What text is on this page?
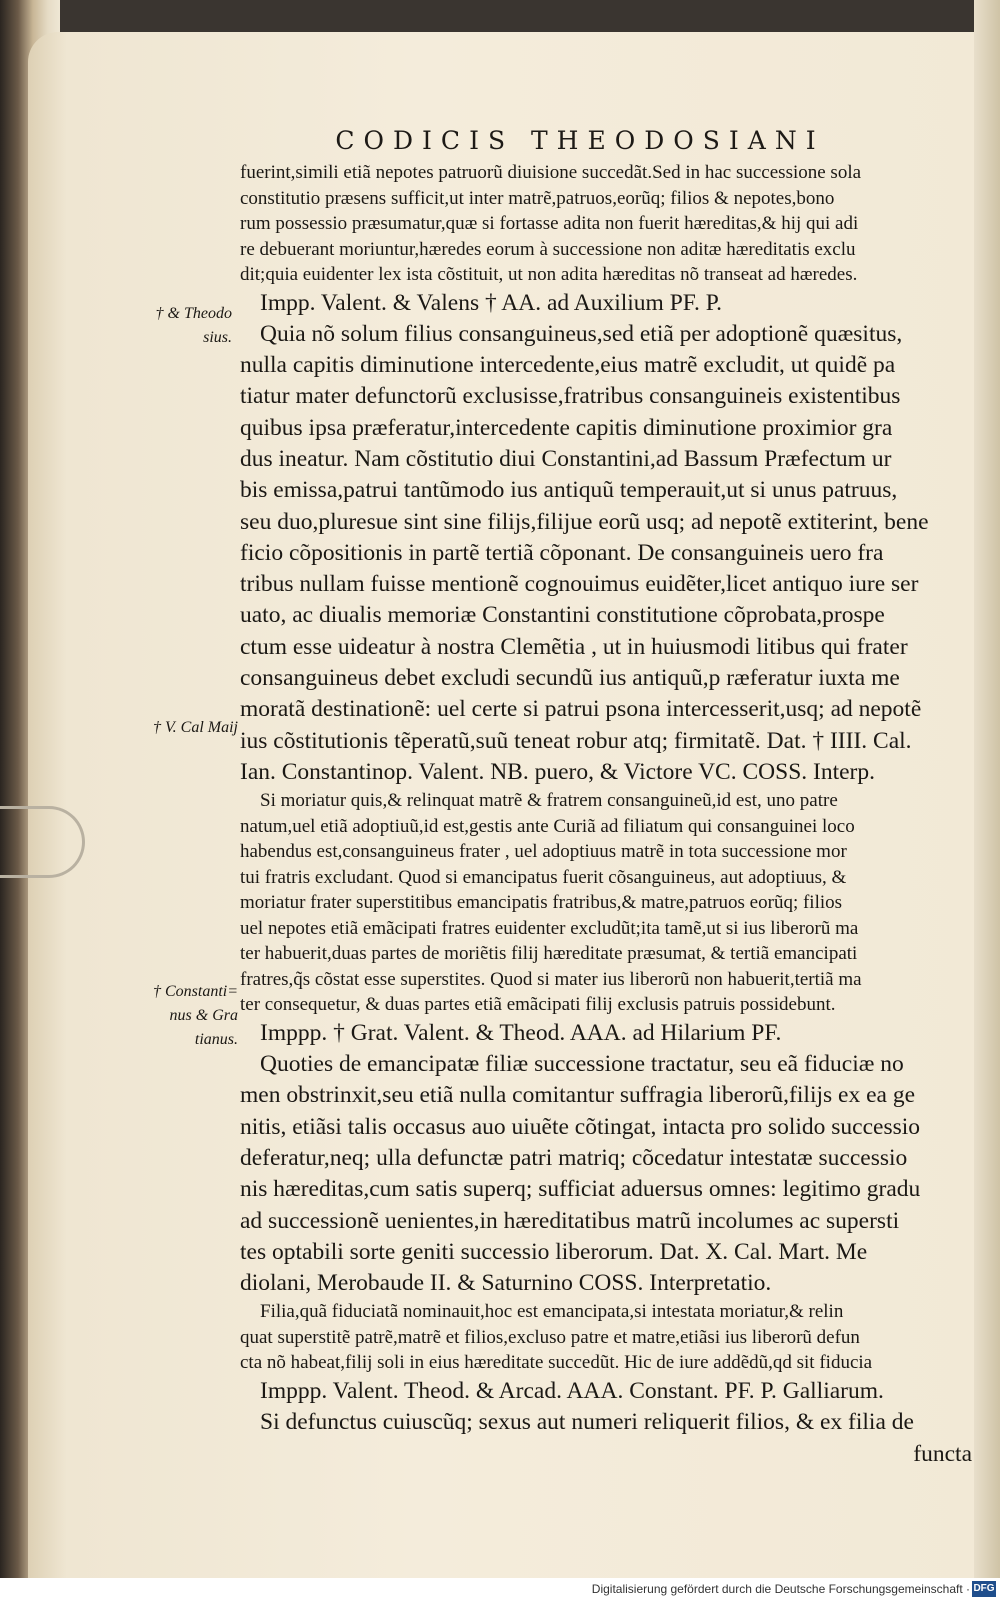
CODICIS THEODOSIANI
† & Theodo
sius.
† V. Cal Maij
† Constanti=
nus & Gra
tianus.
fuerint,simili etiã nepotes patruorũ diuisione succedãt.Sed in hac successione sola
constitutio præsens sufficit,ut inter matrẽ,patruos,eorũq; filios & nepotes,bono
rum possessio præsumatur,quæ si fortasse adita non fuerit hæreditas,& hij qui adi
re debuerant moriuntur,hæredes eorum à successione non aditæ hæreditatis exclu
dit;quia euidenter lex ista cõstituit, ut non adita hæreditas nõ transeat ad hæredes.
Impp. Valent. & Valens † AA. ad Auxilium PF. P.
Quia nõ solum filius consanguineus,sed etiã per adoptionẽ quæsitus,
nulla capitis diminutione intercedente,eius matrẽ excludit, ut quidẽ pa
tiatur mater defunctorũ exclusisse,fratribus consanguineis existentibus
quibus ipsa præferatur,intercedente capitis diminutione proximior gra
dus ineatur. Nam cõstitutio diui Constantini,ad Bassum Præfectum ur
bis emissa,patrui tantũmodo ius antiquũ temperauit,ut si unus patruus,
seu duo,pluresue sint sine filijs,filijue eorũ usq; ad nepotẽ extiterint, bene
ficio cõpositionis in partẽ tertiã cõponant. De consanguineis uero fra
tribus nullam fuisse mentionẽ cognouimus euidẽter,licet antiquo iure ser
uato, ac diualis memoriæ Constantini constitutione cõprobata,prospe
ctum esse uideatur à nostra Clemẽtia , ut in huiusmodi litibus qui frater
consanguineus debet excludi secundũ ius antiquũ,p ræferatur iuxta me
moratã destinationẽ: uel certe si patrui psona intercesserit,usq; ad nepotẽ
ius cõstitutionis tẽperatũ,suũ teneat robur atq; firmitatẽ. Dat. † IIII. Cal.
Ian. Constantinop. Valent. NB. puero, & Victore VC. COSS. Interp.
Si moriatur quis,& relinquat matrẽ & fratrem consanguineũ,id est, uno patre
natum,uel etiã adoptiuũ,id est,gestis ante Curiã ad filiatum qui consanguinei loco
habendus est,consanguineus frater , uel adoptiuus matrẽ in tota successione mor
tui fratris excludant. Quod si emancipatus fuerit cõsanguineus, aut adoptiuus, &
moriatur frater superstitibus emancipatis fratribus,& matre,patruos eorũq; filios
uel nepotes etiã emãcipati fratres euidenter excludũt;ita tamẽ,ut si ius liberorũ ma
ter habuerit,duas partes de moriẽtis filij hæreditate præsumat, & tertiã emancipati
fratres,q̃s cõstat esse superstites. Quod si mater ius liberorũ non habuerit,tertiã ma
ter consequetur, & duas partes etiã emãcipati filij exclusis patruis possidebunt.
Imppp. † Grat. Valent. & Theod. AAA. ad Hilarium PF.
Quoties de emancipatæ filiæ successione tractatur, seu eã fiduciæ no
men obstrinxit,seu etiã nulla comitantur suffragia liberorũ,filijs ex ea ge
nitis, etiãsi talis occasus auo uiuẽte cõtingat, intacta pro solido successio
deferatur,neq; ulla defunctæ patri matriq; cõcedatur intestatæ successio
nis hæreditas,cum satis superq; sufficiat aduersus omnes: legitimo gradu
ad successionẽ uenientes,in hæreditatibus matrũ incolumes ac supersti
tes optabili sorte geniti successio liberorum. Dat. X. Cal. Mart. Me
diolani, Merobaude II. & Saturnino COSS. Interpretatio.
Filia,quã fiduciatã nominauit,hoc est emancipata,si intestata moriatur,& relin
quat superstitẽ patrẽ,matrẽ et filios,excluso patre et matre,etiãsi ius liberorũ defun
cta nõ habeat,filij soli in eius hæreditate succedũt. Hic de iure addẽdũ,qd sit fiducia
Imppp. Valent. Theod. & Arcad. AAA. Constant. PF. P. Galliarum.
Si defunctus cuiuscũq; sexus aut numeri reliquerit filios, & ex filia de
functa
Digitalisierung gefördert durch die Deutsche Forschungsgemeinschaft · DFG
